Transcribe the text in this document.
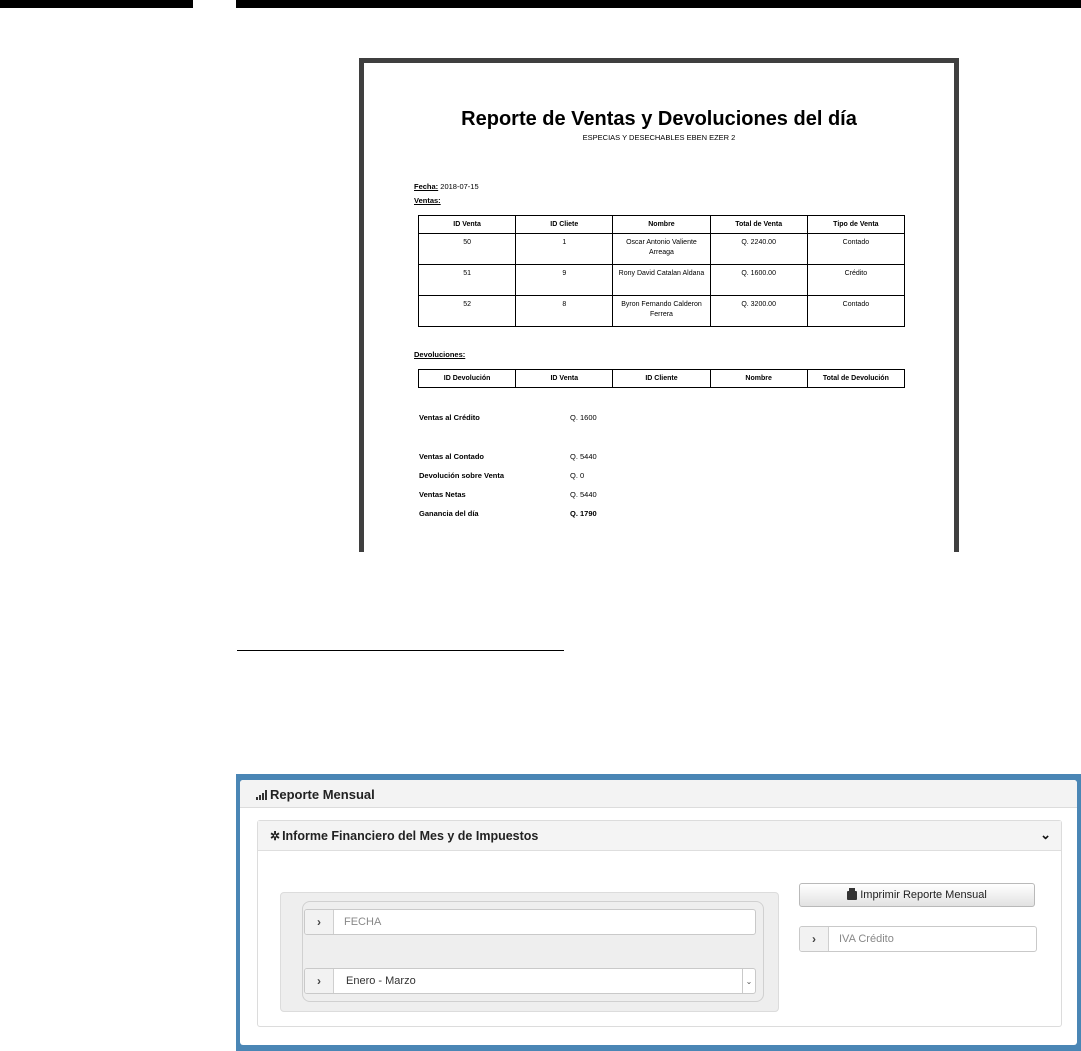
Reporte de Ventas y Devoluciones del día
ESPECIAS Y DESECHABLES EBEN EZER 2
Fecha: 2018-07-15
Ventas:
ID Venta	ID Cliete	Nombre	Total de Venta	Tipo de Venta
50	1	Oscar Antonio Valiente Arreaga	Q. 2240.00	Contado
51	9	Rony David Catalan Aldana	Q. 1600.00	Crédito
52	8	Byron Fernando Calderon Ferrera	Q. 3200.00	Contado
Devoluciones:
ID Devolución	ID Venta	ID Cliente	Nombre	Total de Devolución
Ventas al Crédito	Q. 1600
Ventas al Contado	Q. 5440
Devolución sobre Venta	Q. 0
Ventas Netas	Q. 5440
Ganancia del día	Q. 1790
Reporte Mensual
✲ Informe Financiero del Mes y de Impuestos	⌄
›
FECHA
›	Enero - Marzo	⌄
Imprimir Reporte Mensual
›
IVA Crédito
